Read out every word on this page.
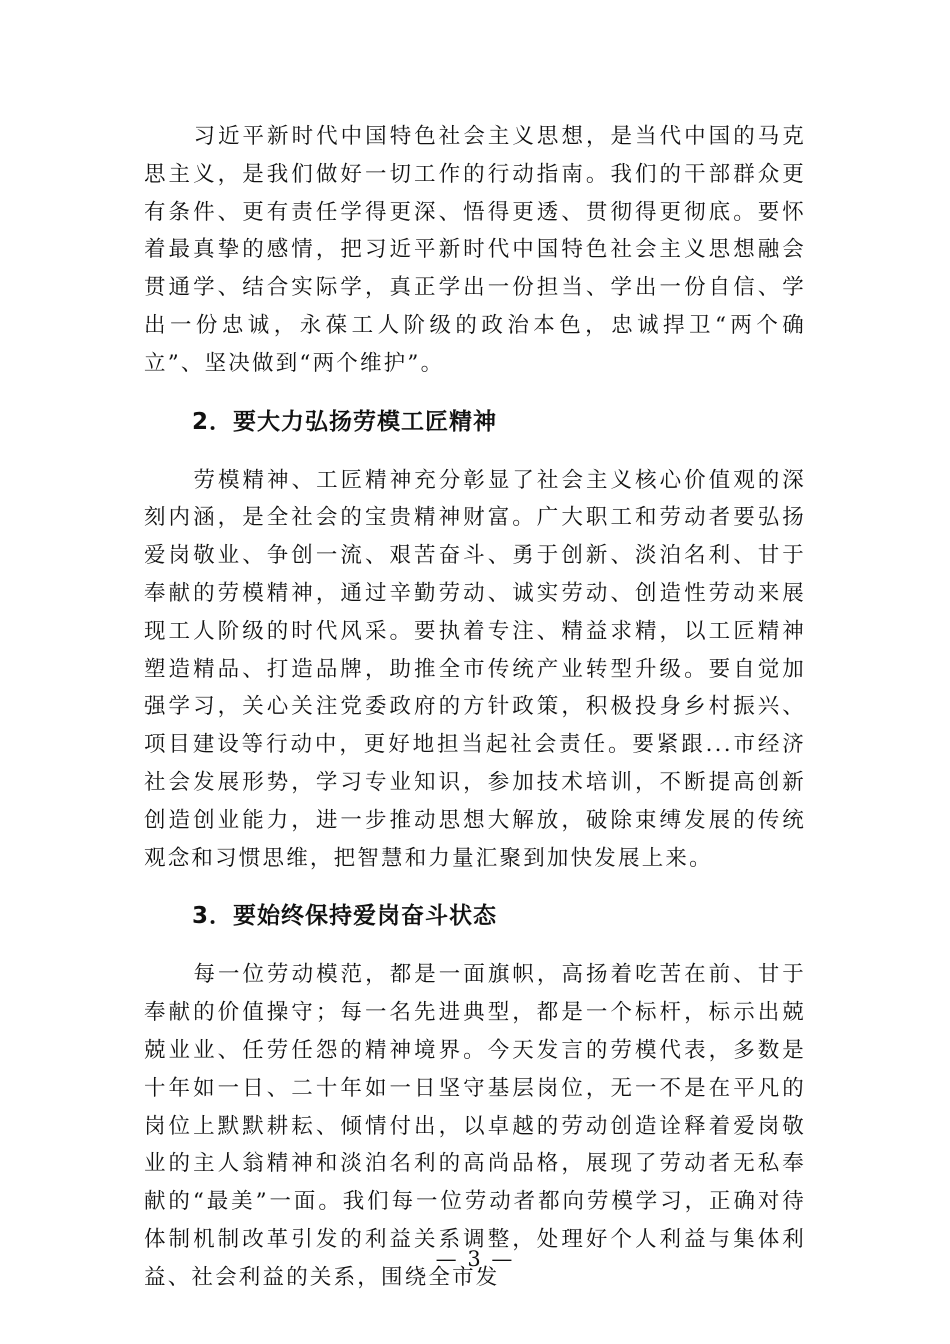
习近平新时代中国特色社会主义思想，是当代中国的马克思主义，是我们做好一切工作的行动指南。我们的干部群众更有条件、更有责任学得更深、悟得更透、贯彻得更彻底。要怀着最真挚的感情，把习近平新时代中国特色社会主义思想融会贯通学、结合实际学，真正学出一份担当、学出一份自信、学出一份忠诚，永葆工人阶级的政治本色，忠诚捍卫“两个确立”、坚决做到“两个维护”。

2．要大力弘扬劳模工匠精神

劳模精神、工匠精神充分彰显了社会主义核心价值观的深刻内涵，是全社会的宝贵精神财富。广大职工和劳动者要弘扬爱岗敬业、争创一流、艰苦奋斗、勇于创新、淡泊名利、甘于奉献的劳模精神，通过辛勤劳动、诚实劳动、创造性劳动来展现工人阶级的时代风采。要执着专注、精益求精，以工匠精神塑造精品、打造品牌，助推全市传统产业转型升级。要自觉加强学习，关心关注党委政府的方针政策，积极投身乡村振兴、项目建设等行动中，更好地担当起社会责任。要紧跟...市经济社会发展形势，学习专业知识，参加技术培训，不断提高创新创造创业能力，进一步推动思想大解放，破除束缚发展的传统观念和习惯思维，把智慧和力量汇聚到加快发展上来。

3．要始终保持爱岗奋斗状态

每一位劳动模范，都是一面旗帜，高扬着吃苦在前、甘于奉献的价值操守；每一名先进典型，都是一个标杆，标示出兢兢业业、任劳任怨的精神境界。今天发言的劳模代表，多数是十年如一日、二十年如一日坚守基层岗位，无一不是在平凡的岗位上默默耕耘、倾情付出，以卓越的劳动创造诠释着爱岗敬业的主人翁精神和淡泊名利的高尚品格，展现了劳动者无私奉献的“最美”一面。我们每一位劳动者都向劳模学习，正确对待体制机制改革引发的利益关系调整，处理好个人利益与集体利益、社会利益的关系，围绕全市发

— 3 —
